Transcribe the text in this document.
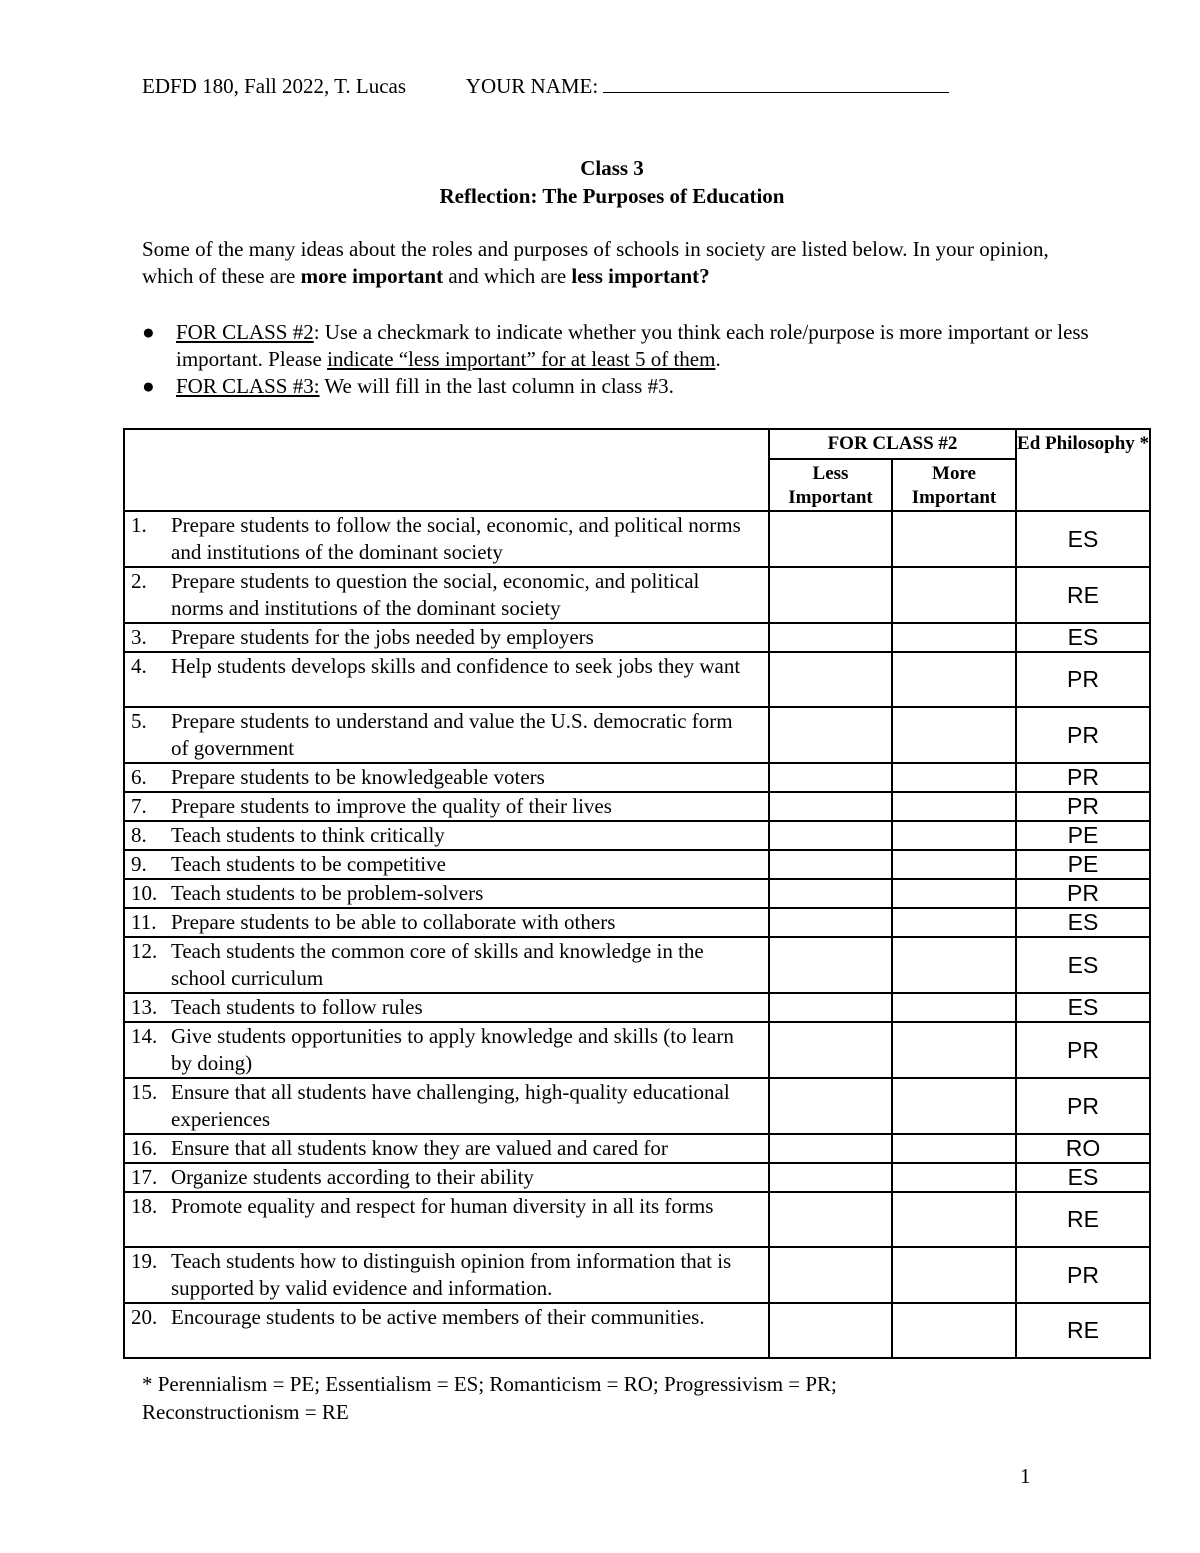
EDFD 180, Fall 2022, T. Lucas	YOUR NAME:
Class 3
Reflection: The Purposes of Education
Some of the many ideas about the roles and purposes of schools in society are listed below. In your opinion, which of these are more important and which are less important?
● FOR CLASS #2: Use a checkmark to indicate whether you think each role/purpose is more important or less important. Please indicate “less important” for at least 5 of them.
● FOR CLASS #3: We will fill in the last column in class #3.
	FOR CLASS #2		Ed Philosophy *
	Less Important	More Important	
1. Prepare students to follow the social, economic, and political norms and institutions of the dominant society			ES
2. Prepare students to question the social, economic, and political norms and institutions of the dominant society			RE
3. Prepare students for the jobs needed by employers			ES
4. Help students develops skills and confidence to seek jobs they want			PR
5. Prepare students to understand and value the U.S. democratic form of government			PR
6. Prepare students to be knowledgeable voters			PR
7. Prepare students to improve the quality of their lives			PR
8. Teach students to think critically			PE
9. Teach students to be competitive			PE
10. Teach students to be problem-solvers			PR
11. Prepare students to be able to collaborate with others			ES
12. Teach students the common core of skills and knowledge in the school curriculum			ES
13. Teach students to follow rules			ES
14. Give students opportunities to apply knowledge and skills (to learn by doing)			PR
15. Ensure that all students have challenging, high-quality educational experiences			PR
16. Ensure that all students know they are valued and cared for			RO
17. Organize students according to their ability			ES
18. Promote equality and respect for human diversity in all its forms			RE
19. Teach students how to distinguish opinion from information that is supported by valid evidence and information.			PR
20. Encourage students to be active members of their communities.			RE
* Perennialism = PE; Essentialism = ES; Romanticism = RO; Progressivism = PR;
Reconstructionism = RE
1
